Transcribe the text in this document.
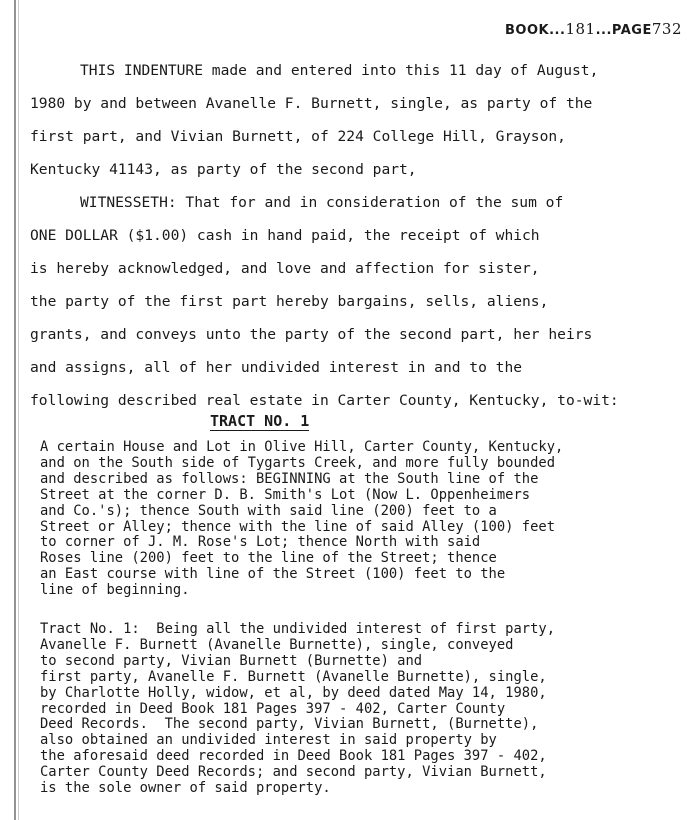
BOOK...181...PAGE732
THIS INDENTURE made and entered into this 11 day of August,
1980 by and between Avanelle F. Burnett, single, as party of the
first part, and Vivian Burnett, of 224 College Hill, Grayson,
Kentucky 41143, as party of the second part,
WITNESSETH: That for and in consideration of the sum of
ONE DOLLAR ($1.00) cash in hand paid, the receipt of which
is hereby acknowledged, and love and affection for sister,
the party of the first part hereby bargains, sells, aliens,
grants, and conveys unto the party of the second part, her heirs
and assigns, all of her undivided interest in and to the
following described real estate in Carter County, Kentucky, to-wit:
TRACT NO. 1
A certain House and Lot in Olive Hill, Carter County, Kentucky,
and on the South side of Tygarts Creek, and more fully bounded
and described as follows: BEGINNING at the South line of the
Street at the corner D. B. Smith's Lot (Now L. Oppenheimers
and Co.'s); thence South with said line (200) feet to a
Street or Alley; thence with the line of said Alley (100) feet
to corner of J. M. Rose's Lot; thence North with said
Roses line (200) feet to the line of the Street; thence
an East course with line of the Street (100) feet to the
line of beginning.
Tract No. 1:  Being all the undivided interest of first party,
Avanelle F. Burnett (Avanelle Burnette), single, conveyed
to second party, Vivian Burnett (Burnette) and
first party, Avanelle F. Burnett (Avanelle Burnette), single,
by Charlotte Holly, widow, et al, by deed dated May 14, 1980,
recorded in Deed Book 181 Pages 397 - 402, Carter County
Deed Records.  The second party, Vivian Burnett, (Burnette),
also obtained an undivided interest in said property by
the aforesaid deed recorded in Deed Book 181 Pages 397 - 402,
Carter County Deed Records; and second party, Vivian Burnett,
is the sole owner of said property.
